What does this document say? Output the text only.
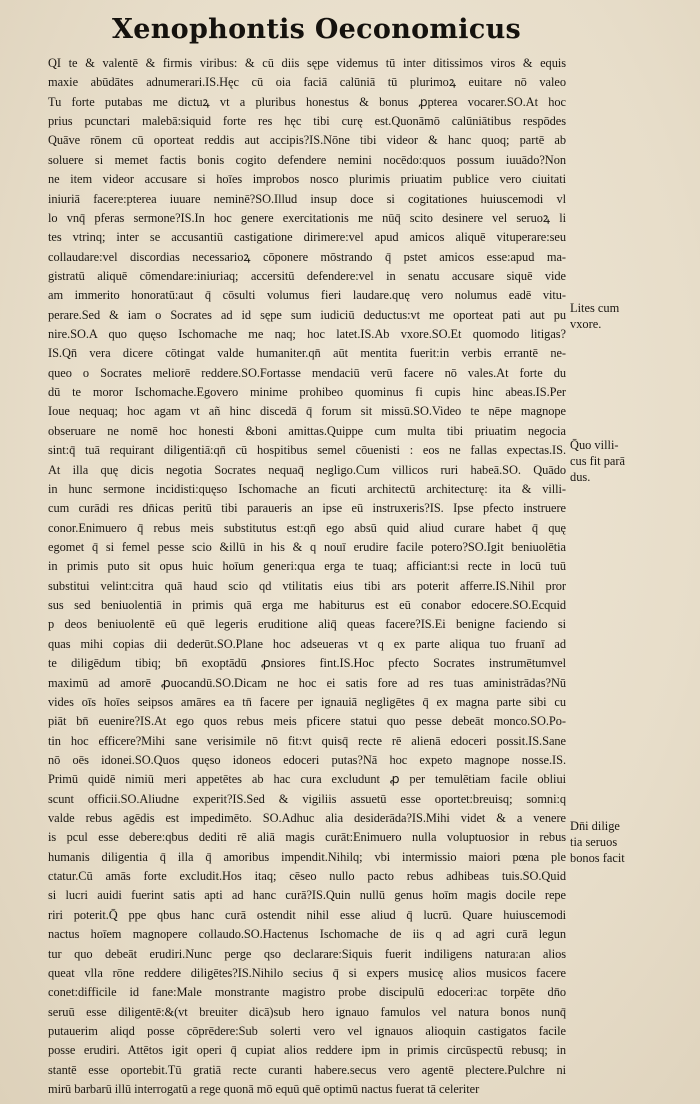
Xenophontis Oeconomicus
QI te & valentē & firmis viribus: & cū diis sępe videmus tū inter ditissimos viros & equis
maxie abūdātes adnumerari.IS.Hęc cū oia faciā calūniā tū plurimoꝝ euitare nō valeo
Tu forte putabas me dictuꝝ vt a pluribus honestus & bonus ꝓpterea vocarer.SO.At hoc
prius pcunctari malebā:siquid forte res hęc tibi curę est.Quonāmō calūniātibus respōdes
Quāve rōnem cū oporteat reddis aut accipis?IS.Nōne tibi videor & hanc quoq; partē ab
soluere si memet factis bonis cogito defendere nemini nocēdo:quos possum iuuādo?Non
ne item videor accusare si hoīes improbos nosco plurimis priuatim publice vero ciuitati
iniuriā facere:pterea iuuare neminē?SO.Illud insup doce si cogitationes huiuscemodi vl
lo vnq̄ pferas sermone?IS.In hoc genere exercitationis me nūq̄ scito desinere vel seruoꝝ li
tes vtrinq; inter se accusantiū castigatione dirimere:vel apud amicos aliquē vituperare:seu
collaudare:vel discordias necessarioꝝ cōponere mōstrando q̄ pstet amicos esse:apud ma-
gistratū aliquē cōmendare:iniuriaq; accersitū defendere:vel in senatu accusare siquē vide
am immerito honoratū:aut q̄ cōsulti volumus fieri laudare.quę vero nolumus eadē vitu-
perare.Sed & iam o Socrates ad id sępe sum iudiciū deductus:vt me oporteat pati aut pu
nire.SO.A quo quęso Ischomache me naq; hoc latet.IS.Ab vxore.SO.Et quomodo litigas?
IS.Qn̄ vera dicere cōtingat valde humaniter.qn̄ aūt mentita fuerit:in verbis errantē ne-
queo o Socrates meliorē reddere.SO.Fortasse mendaciū verū facere nō vales.At forte du
dū te moror Ischomache.Egovero minime prohibeo quominus fi cupis hinc abeas.IS.Per
Ioue nequaq; hoc agam vt añ hinc discedā q̄ forum sit missū.SO.Video te nēpe magnope
obseruare ne nomē hoc honesti &boni amittas.Quippe cum multa tibi priuatim negocia
sint:q̄ tuā requirant diligentiā:qn̄ cū hospitibus semel cōuenisti : eos ne fallas expectas.IS.
At illa quę dicis negotia Socrates nequaq̄ negligo.Cum villicos ruri habeā.SO. Quādo
in hunc sermone incidisti:quęso Ischomache an ficuti architectū architecturę: ita & villi-
cum curādi res dn̄icas peritū tibi paraueris an ipse eū instruxeris?IS. Ipse pfecto instruere
conor.Enimuero q̄ rebus meis substitutus est:qn̄ ego absū quid aliud curare habet q̄ quę
egomet q̄ si femel pesse scio &illū in his & q nouī erudire facile potero?SO.Igit beniuolētia
in primis puto sit opus huic hoīum generi:qua erga te tuaq; afficiant:si recte in locū tuū
substitui velint:citra quā haud scio qd vtilitatis eius tibi ars poterit afferre.IS.Nihil pror
sus sed beniuolentiā in primis quā erga me habiturus est eū conabor edocere.SO.Ecquid
p deos beniuolentē eū quē legeris eruditione aliq̄ queas facere?IS.Ei benigne faciendo si
quas mihi copias dii dederūt.SO.Plane hoc adseueras vt q ex parte aliqua tuo fruanī ad
te diligēdum tibiq; bn̄ exoptādū ꝓnsiores fint.IS.Hoc pfecto Socrates instrumētumvel
maximū ad amorē ꝓuocandū.SO.Dicam ne hoc ei satis fore ad res tuas aministrādas?Nū
vides oīs hoīes seipsos amāres ea tn̄ facere per ignauiā negligētes q̄ ex magna parte sibi cu
piāt bn̄ euenire?IS.At ego quos rebus meis pficere statui quo pesse debeāt monco.SO.Po-
tin hoc efficere?Mihi sane verisimile nō fit:vt quisq̄ recte rē alienā edoceri possit.IS.Sane
nō oēs idonei.SO.Quos quęso idoneos edoceri putas?Nā hoc expeto magnope nosse.IS.
Primū quidē nimiū meri appetētes ab hac cura excludunt ꝓ per temulētiam facile obliui
scunt officii.SO.Aliudne experit?IS.Sed & vigiliis assuetū esse oportet:breuisq; somni:q
valde rebus agēdis est impedimēto. SO.Adhuc alia desiderāda?IS.Mihi videt & a venere
is pcul esse debere:qbus dediti rē aliā magis curāt:Enimuero nulla voluptuosior in rebus
humanis diligentia q̄ illa q̄ amoribus impendit.Nihilq; vbi intermissio maiori pœna ple
ctatur.Cū amās forte excludit.Hos itaq; cēseo nullo pacto rebus adhibeas tuis.SO.Quid
si lucri auidi fuerint satis apti ad hanc curā?IS.Quin nullū genus hoīm magis docile repe
riri poterit.Q̄ ppe qbus hanc curā ostendit nihil esse aliud q̄ lucrū. Quare huiuscemodi
nactus hoīem magnopere collaudo.SO.Hactenus Ischomache de iis q ad agri curā legun
tur quo debeāt erudiri.Nunc perge qso declarare:Siquis fuerit indiligens natura:an alios
queat vlla rōne reddere diligētes?IS.Nihilo secius q̄ si expers musicę alios musicos facere
conet:difficile id fane:Male monstrante magistro probe discipulū edoceri:ac torpēte dn̄o
seruū esse diligentē:&(vt breuiter dicā)sub hero ignauo famulos vel natura bonos nunq̄
putauerim aliqd posse cōprēdere:Sub solerti vero vel ignauos alioquin castigatos facile
posse erudiri. Attētos igit operi q̄ cupiat alios reddere ipm in primis circūspectū rebusq; in
stantē esse oportebit.Tū gratiā recte curanti habere.secus vero agentē plectere.Pulchre ni
mirū barbarū illū interrogatū a rege quonā mō equū quē optimū nactus fuerat tā celeriter
Lites cum
vxore.
Q̄uo villi-
cus fit parā
dus.
Dn̄i dilige
tia seruos
bonos facit
